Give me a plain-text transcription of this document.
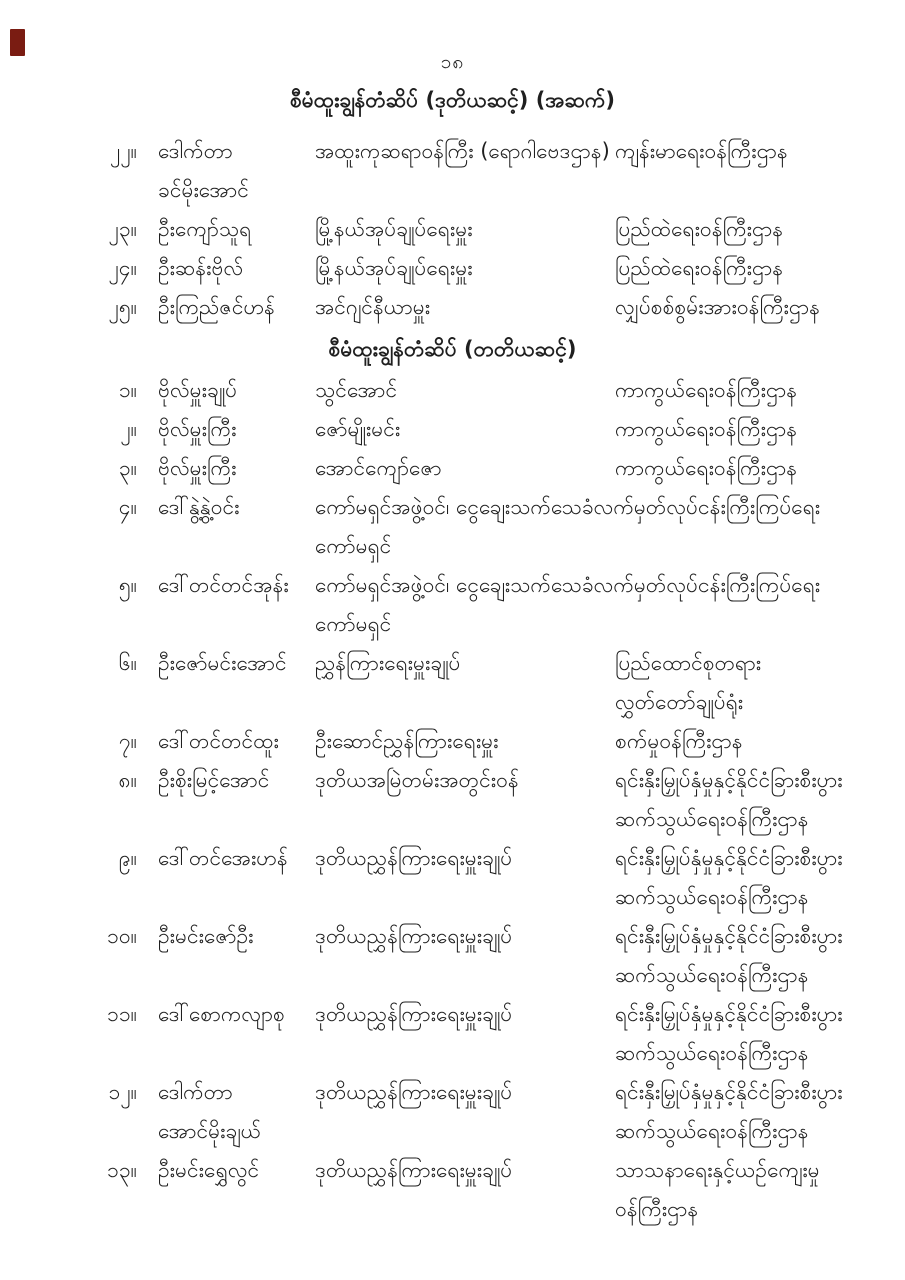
၁၈
စီမံထူးချွန်တံဆိပ် (ဒုတိယဆင့်) (အဆက်)
၂၂။ ဒေါက်တာ
ခင်မိုးအောင်
အထူးကုဆရာဝန်ကြီး (ရောဂါဗေဒဌာန) ကျန်းမာရေးဝန်ကြီးဌာန
၂၃။ ဦးကျော်သူရ	မြို့နယ်အုပ်ချုပ်ရေးမှူး	ပြည်ထဲရေးဝန်ကြီးဌာန
၂၄။ ဦးဆန်းဗိုလ်	မြို့နယ်အုပ်ချုပ်ရေးမှူး	ပြည်ထဲရေးဝန်ကြီးဌာန
၂၅။ ဦးကြည်ဇင်ဟန်	အင်ဂျင်နီယာမှူး	လျှပ်စစ်စွမ်းအားဝန်ကြီးဌာန
စီမံထူးချွန်တံဆိပ် (တတိယဆင့်)
၁။ ဗိုလ်မှူးချုပ်	သွင်အောင်	ကာကွယ်ရေးဝန်ကြီးဌာန
၂။ ဗိုလ်မှူးကြီး	ဇော်မျိုးမင်း	ကာကွယ်ရေးဝန်ကြီးဌာန
၃။ ဗိုလ်မှူးကြီး	အောင်ကျော်ဇော	ကာကွယ်ရေးဝန်ကြီးဌာန
၄။ ဒေါ်နွဲ့နွဲ့ဝင်း	ကော်မရှင်အဖွဲ့ဝင်၊ ငွေချေးသက်သေခံလက်မှတ်လုပ်ငန်းကြီးကြပ်ရေး
ကော်မရှင်
၅။ ဒေါ်တင်တင်အုန်း	ကော်မရှင်အဖွဲ့ဝင်၊ ငွေချေးသက်သေခံလက်မှတ်လုပ်ငန်းကြီးကြပ်ရေး
ကော်မရှင်
၆။ ဦးဇော်မင်းအောင်	ညွှန်ကြားရေးမှူးချုပ်	ပြည်ထောင်စုတရား
လွှတ်တော်ချုပ်ရုံး
၇။ ဒေါ်တင်တင်ထူး	ဦးဆောင်ညွှန်ကြားရေးမှူး	စက်မှုဝန်ကြီးဌာန
၈။ ဦးစိုးမြင့်အောင်	ဒုတိယအမြဲတမ်းအတွင်းဝန်	ရင်းနှီးမြှုပ်နှံမှုနှင့်နိုင်ငံခြားစီးပွား
ဆက်သွယ်ရေးဝန်ကြီးဌာန
၉။ ဒေါ်တင်အေးဟန်	ဒုတိယညွှန်ကြားရေးမှူးချုပ်	ရင်းနှီးမြှုပ်နှံမှုနှင့်နိုင်ငံခြားစီးပွား
ဆက်သွယ်ရေးဝန်ကြီးဌာန
၁၀။ ဦးမင်းဇော်ဦး	ဒုတိယညွှန်ကြားရေးမှူးချုပ်	ရင်းနှီးမြှုပ်နှံမှုနှင့်နိုင်ငံခြားစီးပွား
ဆက်သွယ်ရေးဝန်ကြီးဌာန
၁၁။ ဒေါ်စောကလျာစု	ဒုတိယညွှန်ကြားရေးမှူးချုပ်	ရင်းနှီးမြှုပ်နှံမှုနှင့်နိုင်ငံခြားစီးပွား
ဆက်သွယ်ရေးဝန်ကြီးဌာန
၁၂။ ဒေါက်တာ
အောင်မိုးချယ်
ဒုတိယညွှန်ကြားရေးမှူးချုပ်	ရင်းနှီးမြှုပ်နှံမှုနှင့်နိုင်ငံခြားစီးပွား
ဆက်သွယ်ရေးဝန်ကြီးဌာန
၁၃။ ဦးမင်းရွှေလွင်	ဒုတိယညွှန်ကြားရေးမှူးချုပ်	သာသနာရေးနှင့်ယဉ်ကျေးမှု
ဝန်ကြီးဌာန
